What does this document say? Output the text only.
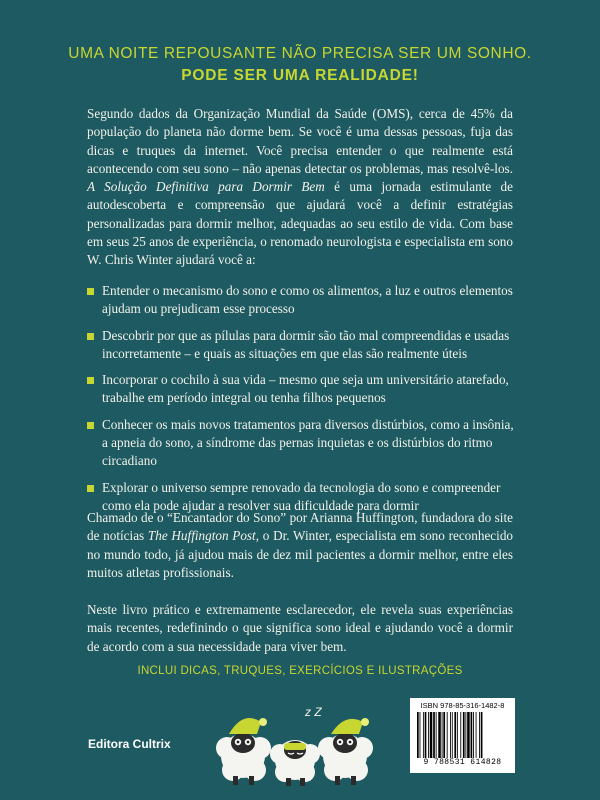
UMA NOITE REPOUSANTE NÃO PRECISA SER UM SONHO.
PODE SER UMA REALIDADE!

Segundo dados da Organização Mundial da Saúde (OMS), cerca de 45% da população do planeta não dorme bem. Se você é uma dessas pessoas, fuja das dicas e truques da internet. Você precisa entender o que realmente está acontecendo com seu sono – não apenas detectar os problemas, mas resolvê-los. A Solução Definitiva para Dormir Bem é uma jornada estimulante de autodescoberta e compreensão que ajudará você a definir estratégias personalizadas para dormir melhor, adequadas ao seu estilo de vida. Com base em seus 25 anos de experiência, o renomado neurologista e especialista em sono W. Chris Winter ajudará você a:

Entender o mecanismo do sono e como os alimentos, a luz e outros elementos ajudam ou prejudicam esse processo
Descobrir por que as pílulas para dormir são tão mal compreendidas e usadas incorretamente – e quais as situações em que elas são realmente úteis
Incorporar o cochilo à sua vida – mesmo que seja um universitário atarefado, trabalhe em período integral ou tenha filhos pequenos
Conhecer os mais novos tratamentos para diversos distúrbios, como a insônia, a apneia do sono, a síndrome das pernas inquietas e os distúrbios do ritmo circadiano
Explorar o universo sempre renovado da tecnologia do sono e compreender como ela pode ajudar a resolver sua dificuldade para dormir

Chamado de o “Encantador do Sono” por Arianna Huffington, fundadora do site de notícias The Huffington Post, o Dr. Winter, especialista em sono reconhecido no mundo todo, já ajudou mais de dez mil pacientes a dormir melhor, entre eles muitos atletas profissionais.

Neste livro prático e extremamente esclarecedor, ele revela suas experiências mais recentes, redefinindo o que significa sono ideal e ajudando você a dormir de acordo com a sua necessidade para viver bem.

INCLUI DICAS, TRUQUES, EXERCÍCIOS E ILUSTRAÇÕES
Editora Cultrix
z Z	ISBN 978-85-316-1482-8
9 788531 614828
